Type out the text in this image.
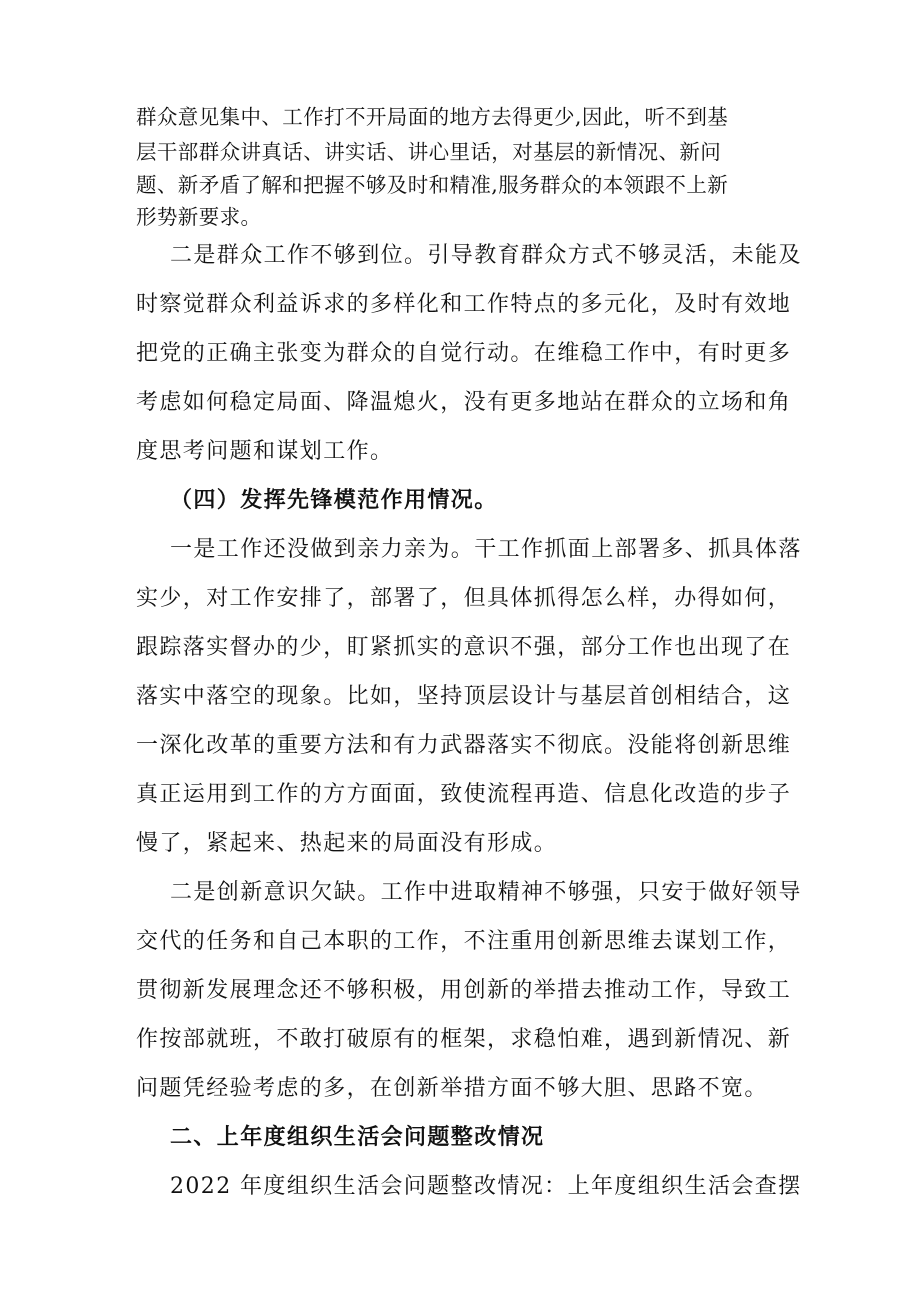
群众意见集中、工作打不开局面的地方去得更少,因此，听不到基
层干部群众讲真话、讲实话、讲心里话，对基层的新情况、新问
题、新矛盾了解和把握不够及时和精准,服务群众的本领跟不上新
形势新要求。
二是群众工作不够到位。引导教育群众方式不够灵活，未能及
时察觉群众利益诉求的多样化和工作特点的多元化，及时有效地
把党的正确主张变为群众的自觉行动。在维稳工作中，有时更多
考虑如何稳定局面、降温熄火，没有更多地站在群众的立场和角
度思考问题和谋划工作。
（四）发挥先锋模范作用情况。
一是工作还没做到亲力亲为。干工作抓面上部署多、抓具体落
实少，对工作安排了，部署了，但具体抓得怎么样，办得如何，
跟踪落实督办的少，盯紧抓实的意识不强，部分工作也出现了在
落实中落空的现象。比如，坚持顶层设计与基层首创相结合，这
一深化改革的重要方法和有力武器落实不彻底。没能将创新思维
真正运用到工作的方方面面，致使流程再造、信息化改造的步子
慢了，紧起来、热起来的局面没有形成。
二是创新意识欠缺。工作中进取精神不够强，只安于做好领导
交代的任务和自己本职的工作，不注重用创新思维去谋划工作，
贯彻新发展理念还不够积极，用创新的举措去推动工作，导致工
作按部就班，不敢打破原有的框架，求稳怕难，遇到新情况、新
问题凭经验考虑的多，在创新举措方面不够大胆、思路不宽。
二、上年度组织生活会问题整改情况
2022 年度组织生活会问题整改情况：上年度组织生活会查摆
